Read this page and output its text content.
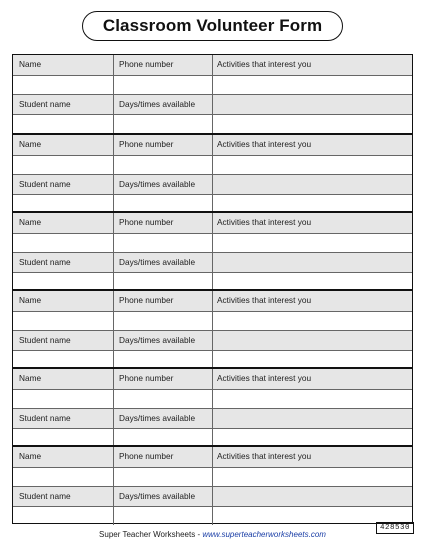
Classroom Volunteer Form
Name	Phone number	Activities that interest you
Student name	Days/times available
Name	Phone number	Activities that interest you
Student name	Days/times available
Name	Phone number	Activities that interest you
Student name	Days/times available
Name	Phone number	Activities that interest you
Student name	Days/times available
Name	Phone number	Activities that interest you
Student name	Days/times available
Name	Phone number	Activities that interest you
Student name	Days/times available
Super Teacher Worksheets - www.superteacherworksheets.com
428530
